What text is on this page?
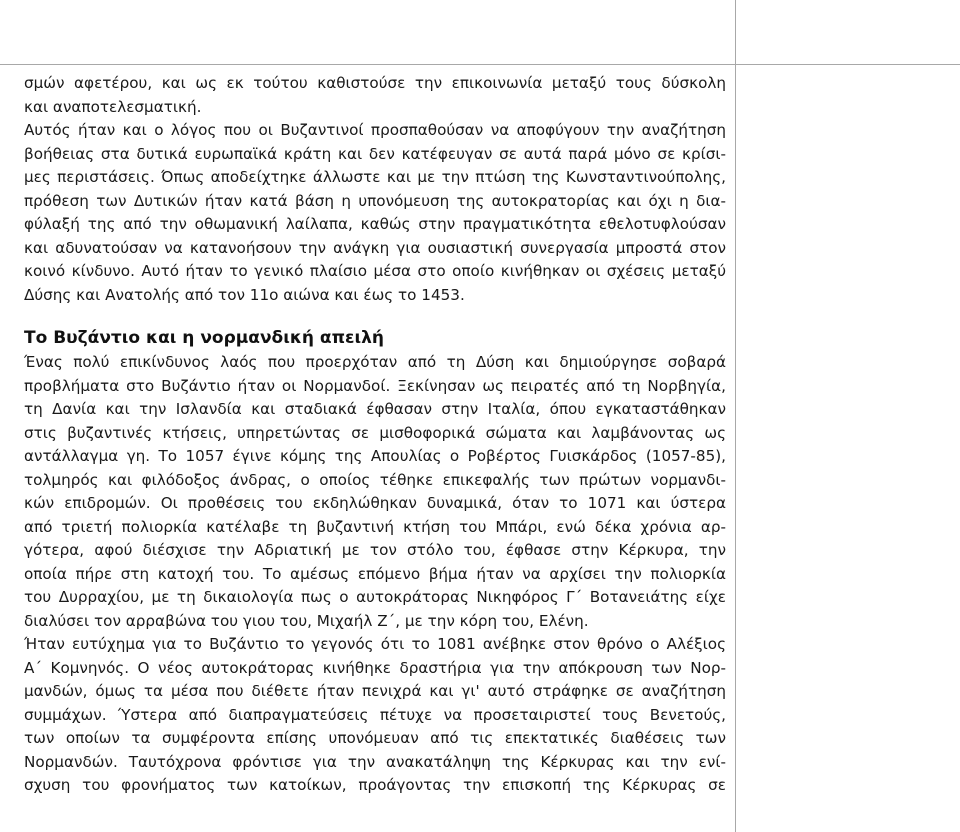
σμών αφετέρου, και ως εκ τούτου καθιστούσε την επικοινωνία μεταξύ τους δύσκολη
και αναποτελεσματική.
Αυτός ήταν και ο λόγος που οι Βυζαντινοί προσπαθούσαν να αποφύγουν την αναζήτηση
βοήθειας στα δυτικά ευρωπαϊκά κράτη και δεν κατέφευγαν σε αυτά παρά μόνο σε κρίσι-
μες περιστάσεις. Όπως αποδείχτηκε άλλωστε και με την πτώση της Κωνσταντινούπολης,
πρόθεση των Δυτικών ήταν κατά βάση η υπονόμευση της αυτοκρατορίας και όχι η δια-
φύλαξή της από την οθωμανική λαίλαπα, καθώς στην πραγματικότητα εθελοτυφλούσαν
και αδυνατούσαν να κατανοήσουν την ανάγκη για ουσιαστική συνεργασία μπροστά στον
κοινό κίνδυνο. Αυτό ήταν το γενικό πλαίσιο μέσα στο οποίο κινήθηκαν οι σχέσεις μεταξύ
Δύσης και Ανατολής από τον 11ο αιώνα και έως το 1453.
Το Βυζάντιο και η νορμανδική απειλή
Ένας πολύ επικίνδυνος λαός που προερχόταν από τη Δύση και δημιούργησε σοβαρά
προβλήματα στο Βυζάντιο ήταν οι Νορμανδοί. Ξεκίνησαν ως πειρατές από τη Νορβηγία,
τη Δανία και την Ισλανδία και σταδιακά έφθασαν στην Ιταλία, όπου εγκαταστάθηκαν
στις βυζαντινές κτήσεις, υπηρετώντας σε μισθοφορικά σώματα και λαμβάνοντας ως
αντάλλαγμα γη. Το 1057 έγινε κόμης της Απουλίας ο Ροβέρτος Γυισκάρδος (1057-85),
τολμηρός και φιλόδοξος άνδρας, ο οποίος τέθηκε επικεφαλής των πρώτων νορμανδι-
κών επιδρομών. Οι προθέσεις του εκδηλώθηκαν δυναμικά, όταν το 1071 και ύστερα
από τριετή πολιορκία κατέλαβε τη βυζαντινή κτήση του Μπάρι, ενώ δέκα χρόνια αρ-
γότερα, αφού διέσχισε την Αδριατική με τον στόλο του, έφθασε στην Κέρκυρα, την
οποία πήρε στη κατοχή του. Το αμέσως επόμενο βήμα ήταν να αρχίσει την πολιορκία
του Δυρραχίου, με τη δικαιολογία πως ο αυτοκράτορας Νικηφόρος Γ΄ Βοτανειάτης είχε
διαλύσει τον αρραβώνα του γιου του, Μιχαήλ Ζ΄, με την κόρη του, Ελένη.
Ήταν ευτύχημα για το Βυζάντιο το γεγονός ότι το 1081 ανέβηκε στον θρόνο ο Αλέξιος
Α΄ Κομνηνός. Ο νέος αυτοκράτορας κινήθηκε δραστήρια για την απόκρουση των Νορ-
μανδών, όμως τα μέσα που διέθετε ήταν πενιχρά και γι' αυτό στράφηκε σε αναζήτηση
συμμάχων. Ύστερα από διαπραγματεύσεις πέτυχε να προσεταιριστεί τους Βενετούς,
των οποίων τα συμφέροντα επίσης υπονόμευαν από τις επεκτατικές διαθέσεις των
Νορμανδών. Ταυτόχρονα φρόντισε για την ανακατάληψη της Κέρκυρας και την ενί-
σχυση του φρονήματος των κατοίκων, προάγοντας την επισκοπή της Κέρκυρας σε
